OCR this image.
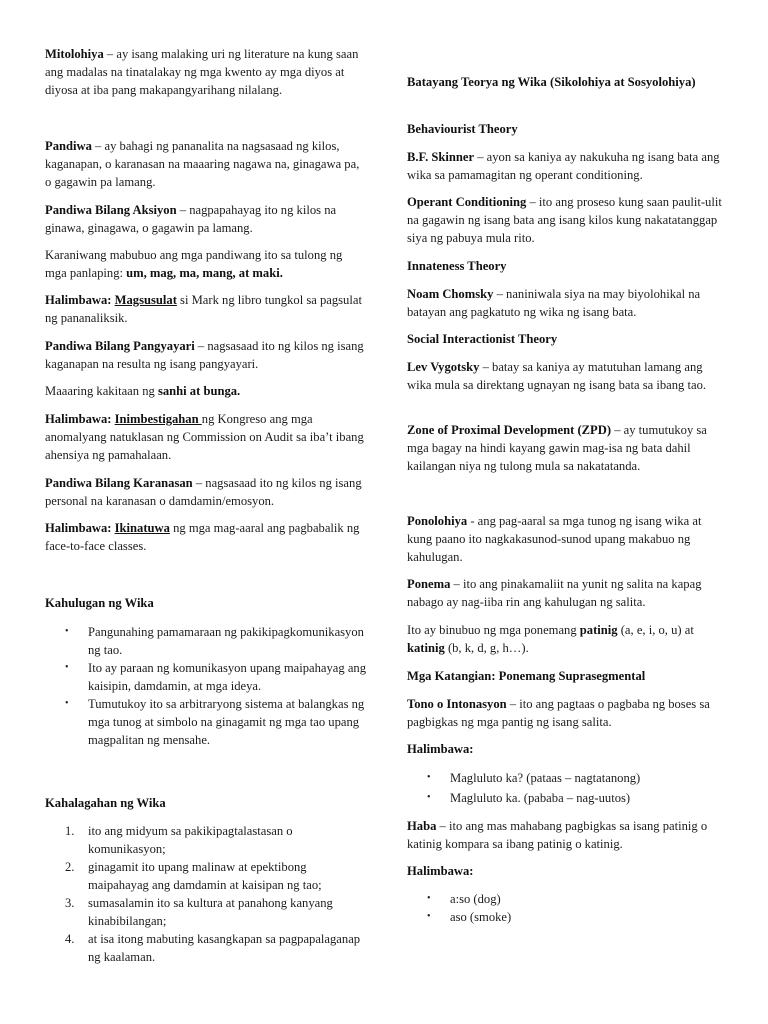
Mitolohiya – ay isang malaking uri ng literature na kung saan ang madalas na tinatalakay ng mga kwento ay mga diyos at diyosa at iba pang makapangyarihang nilalang.

Pandiwa – ay bahagi ng pananalita na nagsasaad ng kilos, kaganapan, o karanasan na maaaring nagawa na, ginagawa pa, o gagawin pa lamang.

Pandiwa Bilang Aksiyon – nagpapahayag ito ng kilos na ginawa, ginagawa, o gagawin pa lamang.

Karaniwang mabubuo ang mga pandiwang ito sa tulong ng mga panlaping: um, mag, ma, mang, at maki.

Halimbawa: Magsusulat si Mark ng libro tungkol sa pagsulat ng pananaliksik.

Pandiwa Bilang Pangyayari – nagsasaad ito ng kilos ng isang kaganapan na resulta ng isang pangyayari.

Maaaring kakitaan ng sanhi at bunga.

Halimbawa: Inimbestigahan ng Kongreso ang mga anomalyang natuklasan ng Commission on Audit sa iba’t ibang ahensiya ng pamahalaan.

Pandiwa Bilang Karanasan – nagsasaad ito ng kilos ng isang personal na karanasan o damdamin/emosyon.

Halimbawa: Ikinatuwa ng mga mag-aaral ang pagbabalik ng face-to-face classes.

Kahulugan ng Wika
• Pangunahing pamamaraan ng pakikipagkomunikasyon ng tao.
• Ito ay paraan ng komunikasyon upang maipahayag ang kaisipin, damdamin, at mga ideya.
• Tumutukoy ito sa arbitraryong sistema at balangkas ng mga tunog at simbolo na ginagamit ng mga tao upang magpalitan ng mensahe.
Kahalagahan ng Wika
1. ito ang midyum sa pakikipagtalastasan o komunikasyon;
2. ginagamit ito upang malinaw at epektibong maipahayag ang damdamin at kaisipan ng tao;
3. sumasalamin ito sa kultura at panahong kanyang kinabibilangan;
4. at isa itong mabuting kasangkapan sa pagpapalaganap ng kaalaman.
Batayang Teorya ng Wika (Sikolohiya at Sosyolohiya)
Behaviourist Theory

B.F. Skinner – ayon sa kaniya ay nakukuha ng isang bata ang wika sa pamamagitan ng operant conditioning.

Operant Conditioning – ito ang proseso kung saan paulit-ulit na gagawin ng isang bata ang isang kilos kung nakatatanggap siya ng pabuya mula rito.

Innateness Theory

Noam Chomsky – naniniwala siya na may biyolohikal na batayan ang pagkatuto ng wika ng isang bata.

Social Interactionist Theory

Lev Vygotsky – batay sa kaniya ay matutuhan lamang ang wika mula sa direktang ugnayan ng isang bata sa ibang tao.

Zone of Proximal Development (ZPD) – ay tumutukoy sa mga bagay na hindi kayang gawin mag-isa ng bata dahil kailangan niya ng tulong mula sa nakatatanda.

Ponolohiya - ang pag-aaral sa mga tunog ng isang wika at kung paano ito nagkakasunod-sunod upang makabuo ng kahulugan.

Ponema – ito ang pinakamaliit na yunit ng salita na kapag nabago ay nag-iiba rin ang kahulugan ng salita.

Ito ay binubuo ng mga ponemang patinig (a, e, i, o, u) at katinig (b, k, d, g, h…).

Mga Katangian: Ponemang Suprasegmental

Tono o Intonasyon – ito ang pagtaas o pagbaba ng boses sa pagbigkas ng mga pantig ng isang salita.

Halimbawa:
• Magluluto ka? (pataas – nagtatanong)
• Magluluto ka. (pababa – nag-uutos)

Haba – ito ang mas mahabang pagbigkas sa isang patinig o katinig kompara sa ibang patinig o katinig.

Halimbawa:
• a:so (dog)
• aso (smoke)
